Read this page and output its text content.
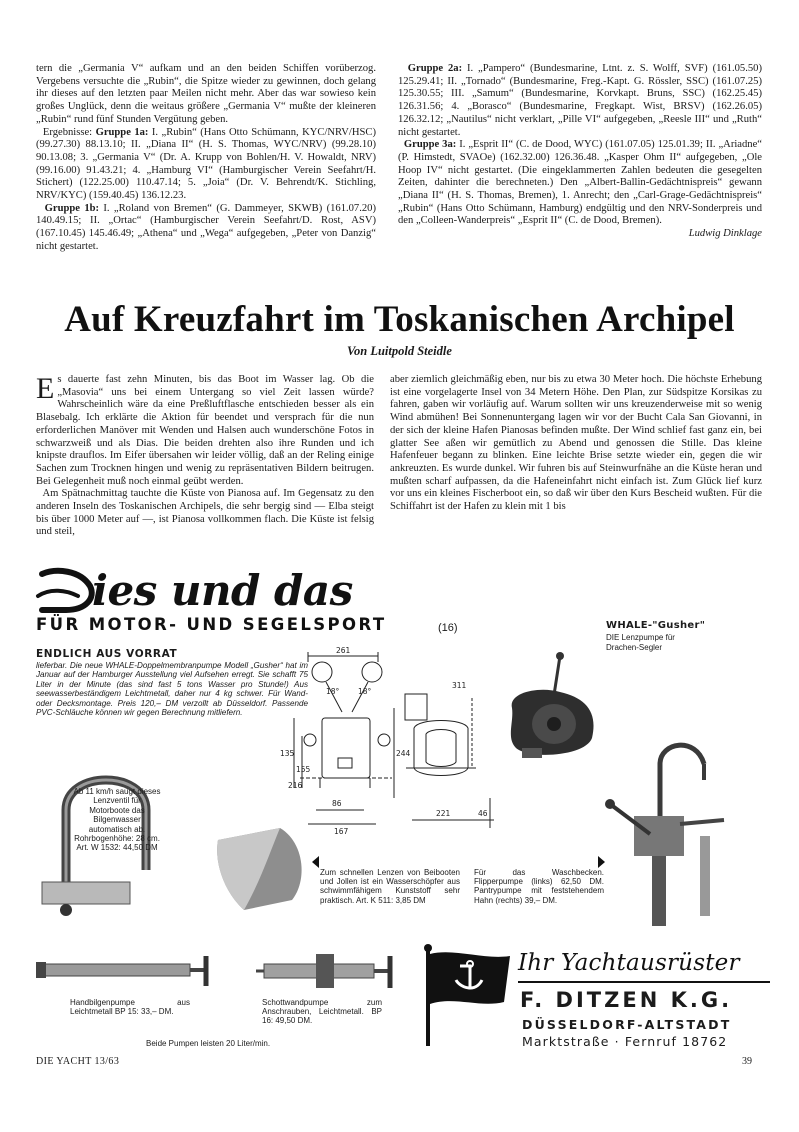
tern die „Germania V“ aufkam und an den beiden Schiffen vorüberzog. Vergebens versuchte die „Rubin“, die Spitze wieder zu gewinnen, doch gelang ihr dieses auf den letzten paar Meilen nicht mehr. Aber das war sowieso kein großes Unglück, denn die weitaus größere „Germania V“ mußte der kleineren „Rubin“ rund fünf Stunden Vergütung geben.

Ergebnisse: Gruppe 1a: I. „Rubin“ (Hans Otto Schümann, KYC/NRV/HSC) (99.27.30) 88.13.10; II. „Diana II“ (H. S. Thomas, WYC/NRV) (99.28.10) 90.13.08; 3. „Germania V“ (Dr. A. Krupp von Bohlen/H. V. Howaldt, NRV) (99.16.00) 91.43.21; 4. „Hamburg VI“ (Hamburgischer Verein Seefahrt/H. Stichert) (122.25.00) 110.47.14; 5. „Joia“ (Dr. V. Behrendt/K. Stichling, NRV/KYC) (159.40.45) 136.12.23.

Gruppe 1b: I. „Roland von Bremen“ (G. Dammeyer, SKWB) (161.07.20) 140.49.15; II. „Ortac“ (Hamburgischer Verein Seefahrt/D. Rost, ASV) (167.10.45) 145.46.49; „Athena“ und „Wega“ aufgegeben, „Peter von Danzig“ nicht gestartet.

Gruppe 2a: I. „Pampero“ (Bundesmarine, Ltnt. z. S. Wolff, SVF) (161.05.50) 125.29.41; II. „Tornado“ (Bundesmarine, Freg.-Kapt. G. Rössler, SSC) (161.07.25) 125.30.55; III. „Samum“ (Bundesmarine, Korvkapt. Bruns, SSC) (162.25.45) 126.31.56; 4. „Borasco“ (Bundesmarine, Fregkapt. Wist, BRSV) (162.26.05) 126.32.12; „Nautilus“ nicht verklart, „Pille VI“ aufgegeben, „Reesle III“ und „Ruth“ nicht gestartet.

Gruppe 3a: I. „Esprit II“ (C. de Dood, WYC) (161.07.05) 125.01.39; II. „Ariadne“ (P. Himstedt, SVAOe) (162.32.00) 126.36.48. „Kasper Ohm II“ aufgegeben, „Ole Hoop IV“ nicht gestartet. (Die eingeklammerten Zahlen bedeuten die gesegelten Zeiten, dahinter die berechneten.) Den „Albert-Ballin-Gedächtnispreis“ gewann „Diana II“ (H. S. Thomas, Bremen), 1. Anrecht; den „Carl-Grage-Gedächtnispreis“ „Rubin“ (Hans Otto Schümann, Hamburg) endgültig und den NRV-Sonderpreis und den „Colleen-Wanderpreis“ „Esprit II“ (C. de Dood, Bremen).
Ludwig Dinklage

Auf Kreuzfahrt im Toskanischen Archipel
Von Luitpold Steidle

Es dauerte fast zehn Minuten, bis das Boot im Wasser lag. Ob die „Masovia“ uns bei einem Untergang so viel Zeit lassen würde? Wahrscheinlich wäre da eine Preßluftflasche entschieden besser als ein Blasebalg. Ich erklärte die Aktion für beendet und versprach für die nun erforderlichen Manöver mit Wenden und Halsen auch wunderschöne Fotos in schwarzweiß und als Dias. Die beiden drehten also ihre Runden und ich knipste drauflos. Im Eifer übersahen wir leider völlig, daß an der Reling einige Sachen zum Trocknen hingen und wenig zu repräsentativen Bildern beitrugen. Bei Gelegenheit muß noch einmal geübt werden.

Am Spätnachmittag tauchte die Küste von Pianosa auf. Im Gegensatz zu den anderen Inseln des Toskanischen Archipels, die sehr bergig sind — Elba steigt bis über 1000 Meter auf —, ist Pianosa vollkommen flach. Die Küste ist felsig und steil,

aber ziemlich gleichmäßig eben, nur bis zu etwa 30 Meter hoch. Die höchste Erhebung ist eine vorgelagerte Insel von 34 Metern Höhe. Den Plan, zur Südspitze Korsikas zu fahren, gaben wir vorläufig auf. Warum sollten wir uns kreuzenderweise mit so wenig Wind abmühen! Bei Sonnenuntergang lagen wir vor der Bucht Cala San Giovanni, in der sich der kleine Hafen Pianosas befinden mußte. Der Wind schlief fast ganz ein, bei glatter See aßen wir gemütlich zu Abend und genossen die Stille. Das kleine Hafenfeuer begann zu blinken. Eine leichte Brise setzte wieder ein, gegen die wir ankreuzten. Es wurde dunkel. Wir fuhren bis auf Steinwurfnähe an die Küste heran und mußten scharf aufpassen, da die Hafeneinfahrt nicht einfach ist. Zum Glück lief kurz vor uns ein kleines Fischerboot ein, so daß wir über den Kurs Bescheid wußten. Für die Schiffahrt ist der Hafen zu klein mit 1 bis

ies und das
FÜR MOTOR- UND SEGELSPORT	(16)
ENDLICH AUS VORRAT
lieferbar. Die neue WHALE-Doppelmembranpumpe Modell „Gusher“ hat im Januar auf der Hamburger Ausstellung viel Aufsehen erregt. Sie schafft 75 Liter in der Minute (das sind fast 5 tons Wasser pro Stunde!) Aus seewasserbeständigem Leichtmetall, daher nur 4 kg schwer. Für Wand- oder Decksmontage. Preis 120,– DM verzollt ab Düsseldorf. Passende PVC-Schläuche können wir gegen Berechnung mitliefern.
WHALE-"Gusher"
DIE Lenzpumpe für Drachen-Segler
261
311
18° 18°
135
155
216
244
86
167
221	46
Ab 11 km/h saugt dieses Lenzventil für Motorboote das Bilgenwasser automatisch ab. Rohrbogenhöhe: 28 cm. Art. W 1532: 44,50 DM
Zum schnellen Lenzen von Beibooten und Jollen ist ein Wasserschöpfer aus schwimmfähigem Kunststoff sehr praktisch. Art. K 511: 3,85 DM
Für das Waschbecken. Flipperpumpe (links) 62,50 DM. Pantrypumpe mit feststehendem Hahn (rechts) 39,– DM.
Handbilgenpumpe aus Leichtmetall BP 15: 33,– DM.
Schottwandpumpe zum Anschrauben, Leichtmetall. BP 16: 49,50 DM.
Beide Pumpen leisten 20 Liter/min.
Ihr Yachtausrüster
F. DITZEN K.G.
DÜSSELDORF-ALTSTADT
Marktstraße · Fernruf 18762
DIE YACHT 13/63	39
